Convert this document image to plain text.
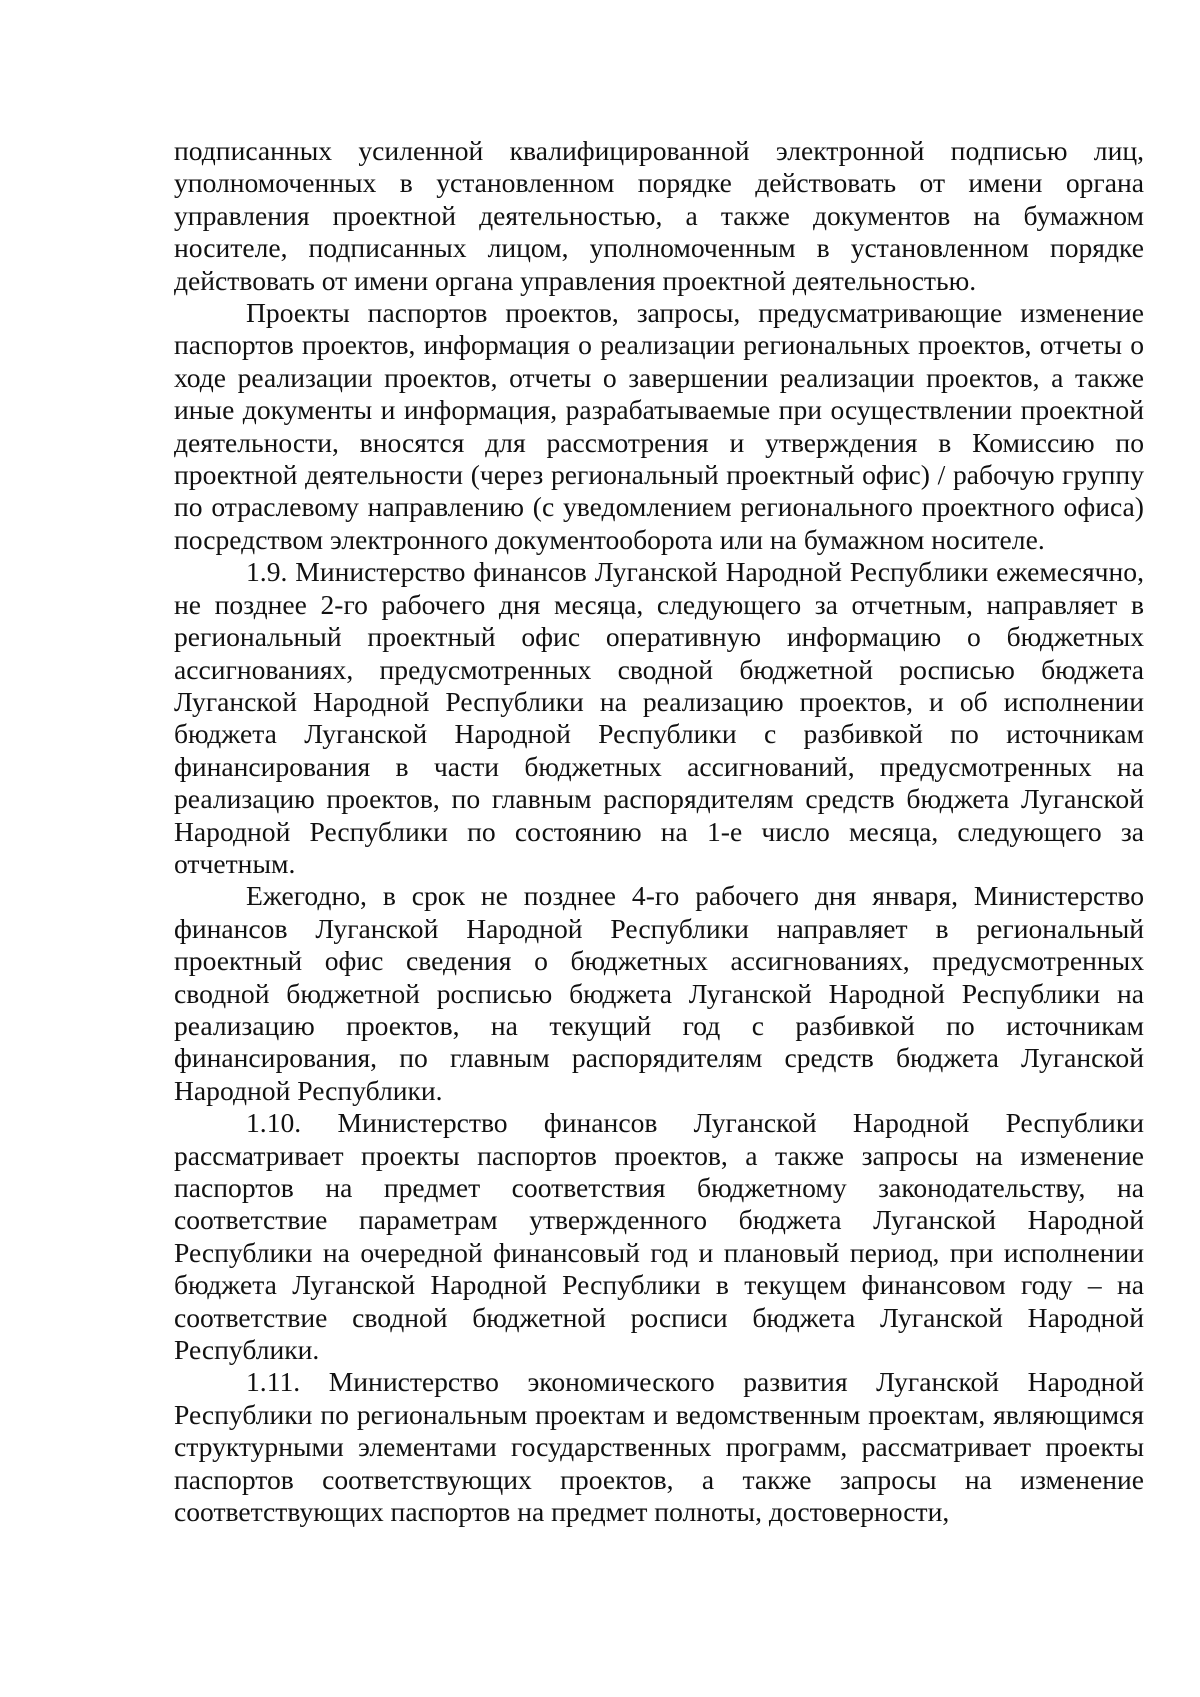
подписанных усиленной квалифицированной электронной подписью лиц, уполномоченных в установленном порядке действовать от имени органа управления проектной деятельностью, а также документов на бумажном носителе, подписанных лицом, уполномоченным в установленном порядке действовать от имени органа управления проектной деятельностью.

Проекты паспортов проектов, запросы, предусматривающие изменение паспортов проектов, информация о реализации региональных проектов, отчеты о ходе реализации проектов, отчеты о завершении реализации проектов, а также иные документы и информация, разрабатываемые при осуществлении проектной деятельности, вносятся для рассмотрения и утверждения в Комиссию по проектной деятельности (через региональный проектный офис) / рабочую группу по отраслевому направлению (с уведомлением регионального проектного офиса) посредством электронного документооборота или на бумажном носителе.

1.9. Министерство финансов Луганской Народной Республики ежемесячно, не позднее 2-го рабочего дня месяца, следующего за отчетным, направляет в региональный проектный офис оперативную информацию о бюджетных ассигнованиях, предусмотренных сводной бюджетной росписью бюджета Луганской Народной Республики на реализацию проектов, и об исполнении бюджета Луганской Народной Республики с разбивкой по источникам финансирования в части бюджетных ассигнований, предусмотренных на реализацию проектов, по главным распорядителям средств бюджета Луганской Народной Республики по состоянию на 1-е число месяца, следующего за отчетным.

Ежегодно, в срок не позднее 4-го рабочего дня января, Министерство финансов Луганской Народной Республики направляет в региональный проектный офис сведения о бюджетных ассигнованиях, предусмотренных сводной бюджетной росписью бюджета Луганской Народной Республики на реализацию проектов, на текущий год с разбивкой по источникам финансирования, по главным распорядителям средств бюджета Луганской Народной Республики.

1.10. Министерство финансов Луганской Народной Республики рассматривает проекты паспортов проектов, а также запросы на изменение паспортов на предмет соответствия бюджетному законодательству, на соответствие параметрам утвержденного бюджета Луганской Народной Республики на очередной финансовый год и плановый период, при исполнении бюджета Луганской Народной Республики в текущем финансовом году – на соответствие сводной бюджетной росписи бюджета Луганской Народной Республики.

1.11. Министерство экономического развития Луганской Народной Республики по региональным проектам и ведомственным проектам, являющимся структурными элементами государственных программ, рассматривает проекты паспортов соответствующих проектов, а также запросы на изменение соответствующих паспортов на предмет полноты, достоверности,
